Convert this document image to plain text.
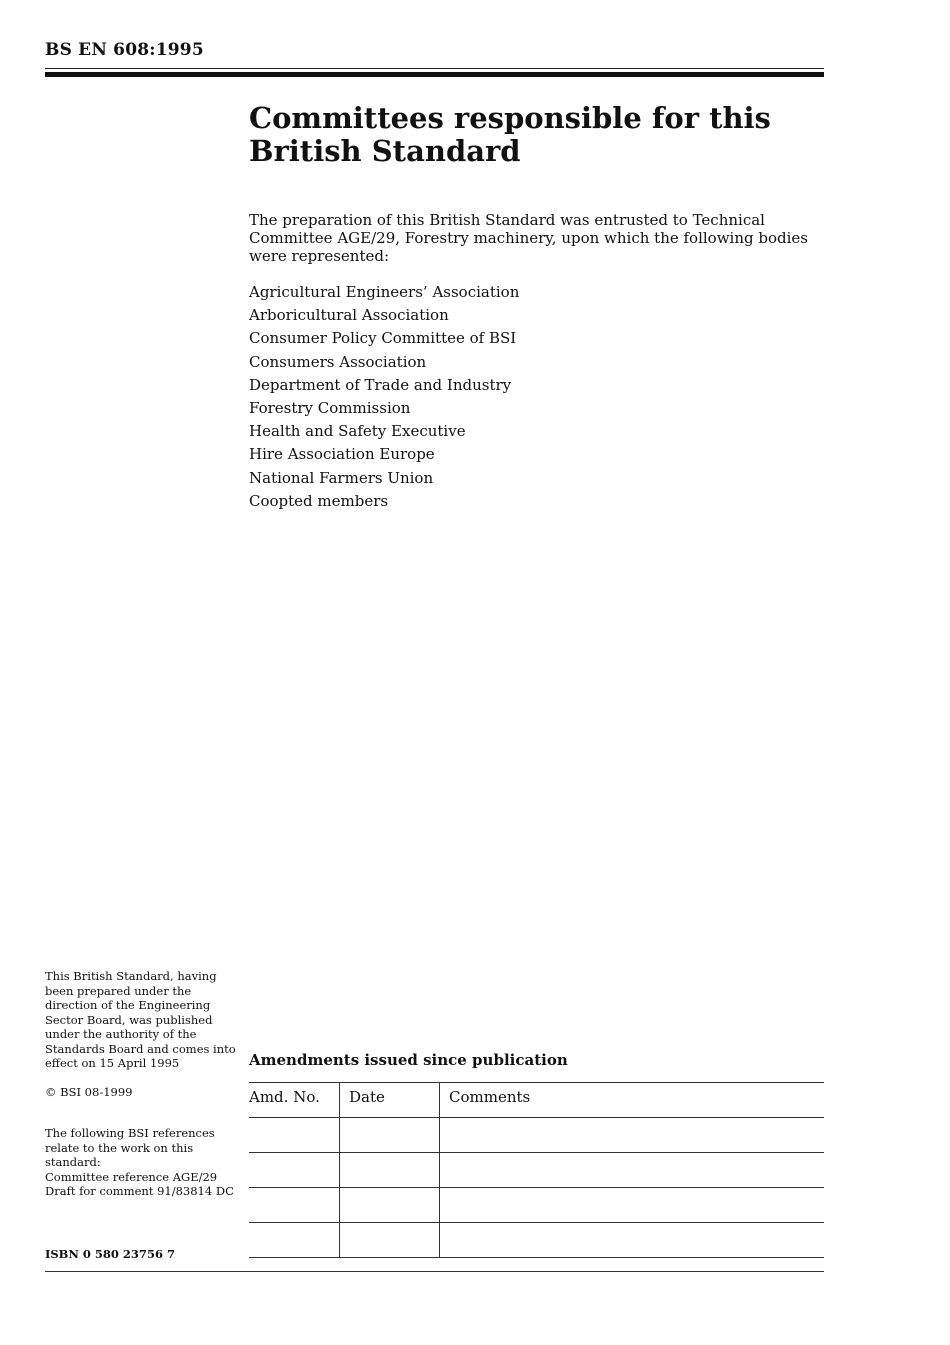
BS EN 608:1995
Committees responsible for this
British Standard
The preparation of this British Standard was entrusted to Technical Committee AGE/29, Forestry machinery, upon which the following bodies were represented:
Agricultural Engineers’ Association
Arboricultural Association
Consumer Policy Committee of BSI
Consumers Association
Department of Trade and Industry
Forestry Commission
Health and Safety Executive
Hire Association Europe
National Farmers Union
Coopted members

This British Standard, having been prepared under the direction of the Engineering Sector Board, was published under the authority of the Standards Board and comes into effect on 15 April 1995

© BSI 08-1999

The following BSI references relate to the work on this standard:

Committee reference AGE/29

Draft for comment 91/83814 DC

ISBN 0 580 23756 7
Amendments issued since publication
Amd. No.	Date	Comments
